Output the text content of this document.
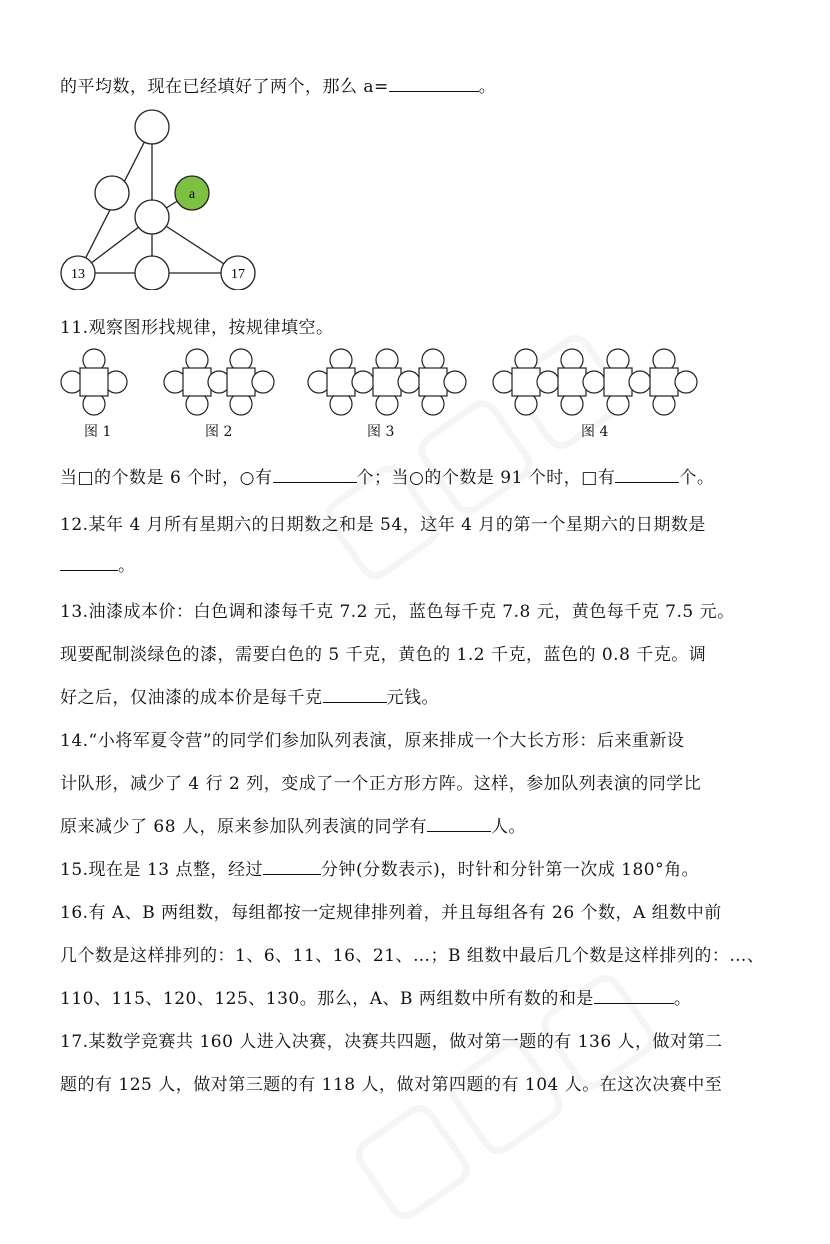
的平均数，现在已经填好了两个，那么 a=	。
a
13	17
11.观察图形找规律，按规律填空。
图 1	图 2	图 3	图 4
当□的个数是 6 个时，○有	个；当○的个数是 91 个时，□有	个。
12.某年 4 月所有星期六的日期数之和是 54，这年 4 月的第一个星期六的日期数是
。
13.油漆成本价：白色调和漆每千克 7.2 元，蓝色每千克 7.8 元，黄色每千克 7.5 元。
现要配制淡绿色的漆，需要白色的 5 千克，黄色的 1.2 千克，蓝色的 0.8 千克。调
好之后，仅油漆的成本价是每千克	元钱。
14.“小将军夏令营”的同学们参加队列表演，原来排成一个大长方形：后来重新设
计队形，减少了 4 行 2 列，变成了一个正方形方阵。这样，参加队列表演的同学比
原来减少了 68 人，原来参加队列表演的同学有	人。
15.现在是 13 点整，经过	分钟(分数表示)，时针和分针第一次成 180°角。
16.有 A、B 两组数，每组都按一定规律排列着，并且每组各有 26 个数，A 组数中前
几个数是这样排列的：1、6、11、16、21、…；B 组数中最后几个数是这样排列的：…、
110、115、120、125、130。那么，A、B 两组数中所有数的和是	。
17.某数学竞赛共 160 人进入决赛，决赛共四题，做对第一题的有 136 人，做对第二
题的有 125 人，做对第三题的有 118 人，做对第四题的有 104 人。在这次决赛中至
